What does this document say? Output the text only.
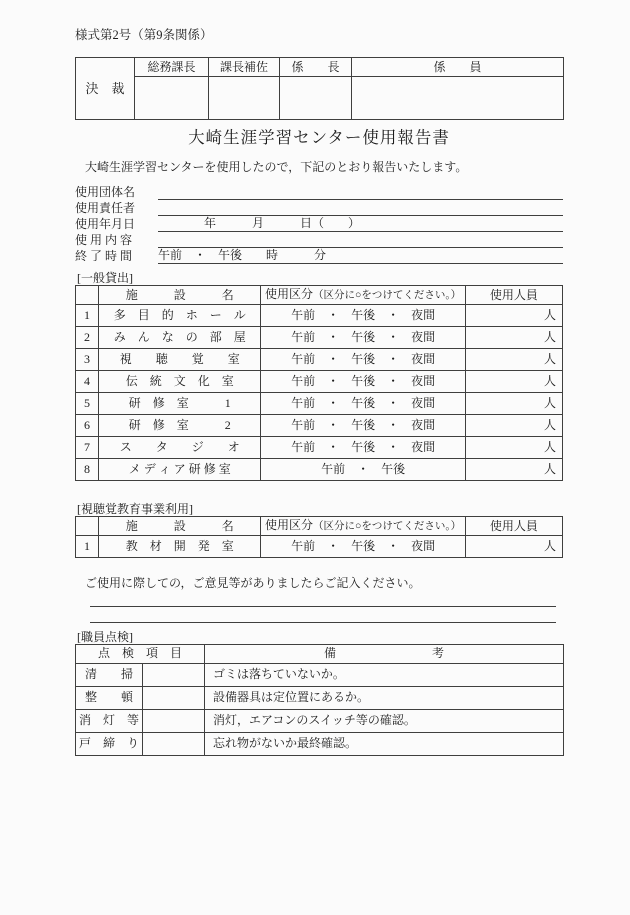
様式第2号（第9条関係）
決　裁	総務課長	課長補佐	係　　長	係　　員

大崎生涯学習センター使用報告書

大崎生涯学習センターを使用したので，下記のとおり報告いたします。

使用団体名
使用責任者
使用年月日	年　　　月　　　日（　　）
使 用 内 容
終 了 時 間	午前　・　午後　　時　　　分
[一般貸出]
	施　　　設　　　名	使用区分（区分に○をつけてください。）	使用人員
1	多　目　的　ホ　ー　ル	午前　・　午後　・　夜間	人
2	み　ん　な　の　部　屋	午前　・　午後　・　夜間	人
3	視　　聴　　覚　　室	午前　・　午後　・　夜間	人
4	伝　統　文　化　室	午前　・　午後　・　夜間	人
5	研　修　室　　　1	午前　・　午後　・　夜間	人
6	研　修　室　　　2	午前　・　午後　・　夜間	人
7	ス　　タ　　ジ　　オ	午前　・　午後　・　夜間	人
8	メ デ ィ ア 研 修 室	午前　・　午後	人
[視聴覚教育事業利用]
	施　　　設　　　名	使用区分（区分に○をつけてください。）	使用人員
1	教　材　開　発　室	午前　・　午後　・　夜間	人

ご使用に際しての，ご意見等がありましたらご記入ください。

[職員点検]
点　検　項　目		備　　　　　　　　考
清　　掃		ゴミは落ちていないか。
整　　頓		設備器具は定位置にあるか。
消　灯　等		消灯，エアコンのスイッチ等の確認。
戸　締　り		忘れ物がないか最終確認。
